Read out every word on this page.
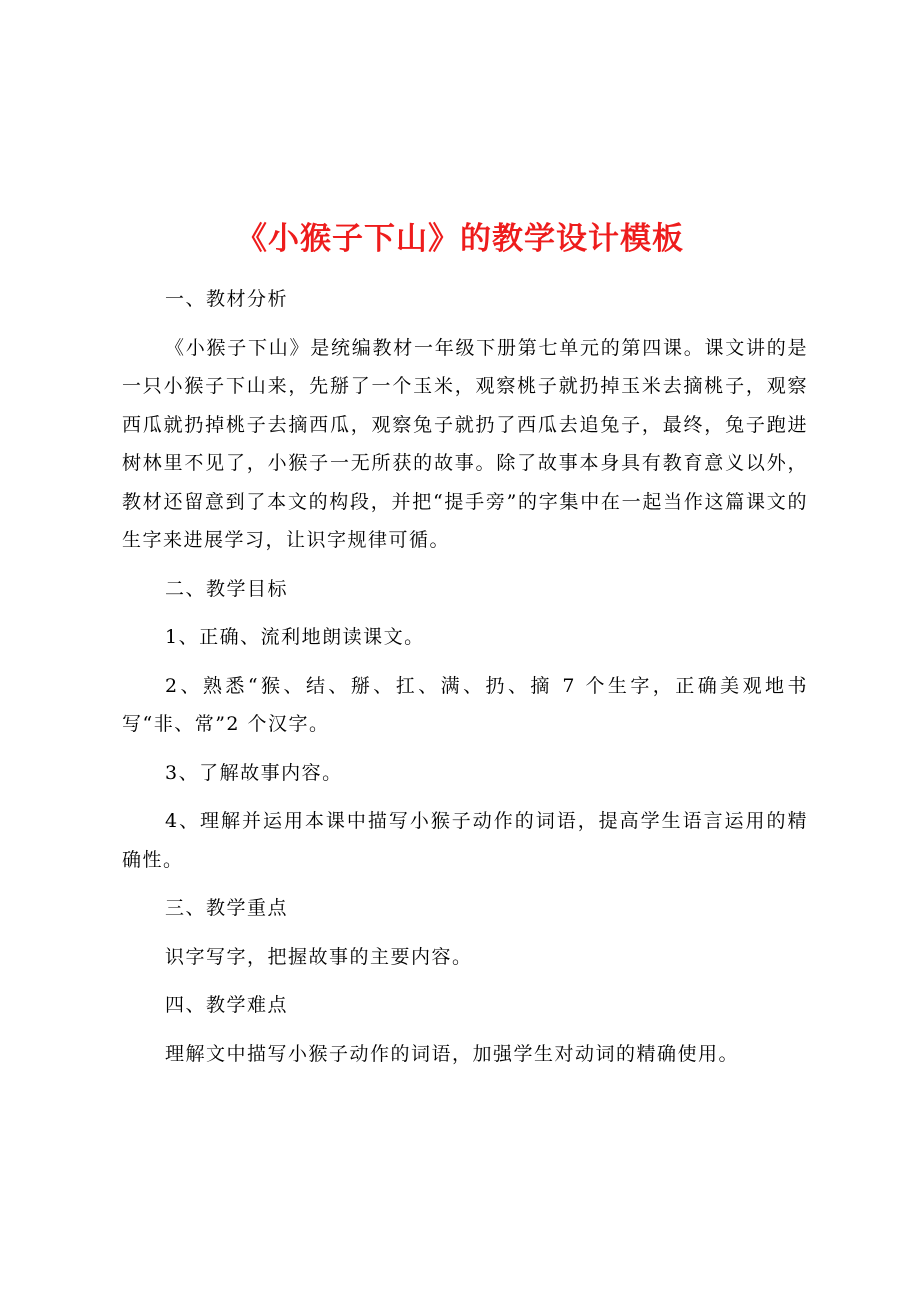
《小猴子下山》的教学设计模板

一、教材分析

《小猴子下山》是统编教材一年级下册第七单元的第四课。课文讲的是一只小猴子下山来，先掰了一个玉米，观察桃子就扔掉玉米去摘桃子，观察西瓜就扔掉桃子去摘西瓜，观察兔子就扔了西瓜去追兔子，最终，兔子跑进树林里不见了，小猴子一无所获的故事。除了故事本身具有教育意义以外，教材还留意到了本文的构段，并把“提手旁”的字集中在一起当作这篇课文的生字来进展学习，让识字规律可循。

二、教学目标

1、正确、流利地朗读课文。

2、熟悉“猴、结、掰、扛、满、扔、摘 7 个生字，正确美观地书写“非、常”2 个汉字。

3、了解故事内容。

4、理解并运用本课中描写小猴子动作的词语，提高学生语言运用的精确性。

三、教学重点

识字写字，把握故事的主要内容。

四、教学难点

理解文中描写小猴子动作的词语，加强学生对动词的精确使用。
